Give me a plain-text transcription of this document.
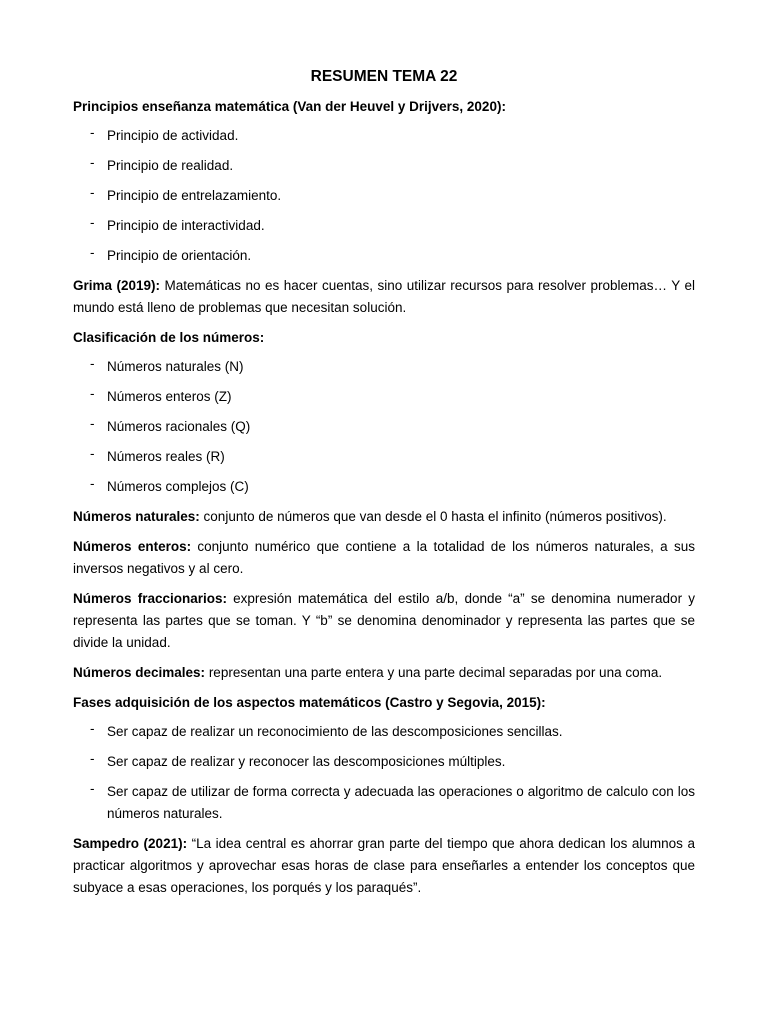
RESUMEN TEMA 22
Principios enseñanza matemática (Van der Heuvel y Drijvers, 2020):
- Principio de actividad.
- Principio de realidad.
- Principio de entrelazamiento.
- Principio de interactividad.
- Principio de orientación.

Grima (2019): Matemáticas no es hacer cuentas, sino utilizar recursos para resolver problemas… Y el mundo está lleno de problemas que necesitan solución.

Clasificación de los números:
- Números naturales (N)
- Números enteros (Z)
- Números racionales (Q)
- Números reales (R)
- Números complejos (C)

Números naturales: conjunto de números que van desde el 0 hasta el infinito (números positivos).

Números enteros: conjunto numérico que contiene a la totalidad de los números naturales, a sus inversos negativos y al cero.

Números fraccionarios: expresión matemática del estilo a/b, donde “a” se denomina numerador y representa las partes que se toman. Y “b” se denomina denominador y representa las partes que se divide la unidad.

Números decimales: representan una parte entera y una parte decimal separadas por una coma.

Fases adquisición de los aspectos matemáticos (Castro y Segovia, 2015):
- Ser capaz de realizar un reconocimiento de las descomposiciones sencillas.
- Ser capaz de realizar y reconocer las descomposiciones múltiples.
- Ser capaz de utilizar de forma correcta y adecuada las operaciones o algoritmo de calculo con los números naturales.

Sampedro (2021): “La idea central es ahorrar gran parte del tiempo que ahora dedican los alumnos a practicar algoritmos y aprovechar esas horas de clase para enseñarles a entender los conceptos que subyace a esas operaciones, los porqués y los paraqués”.
